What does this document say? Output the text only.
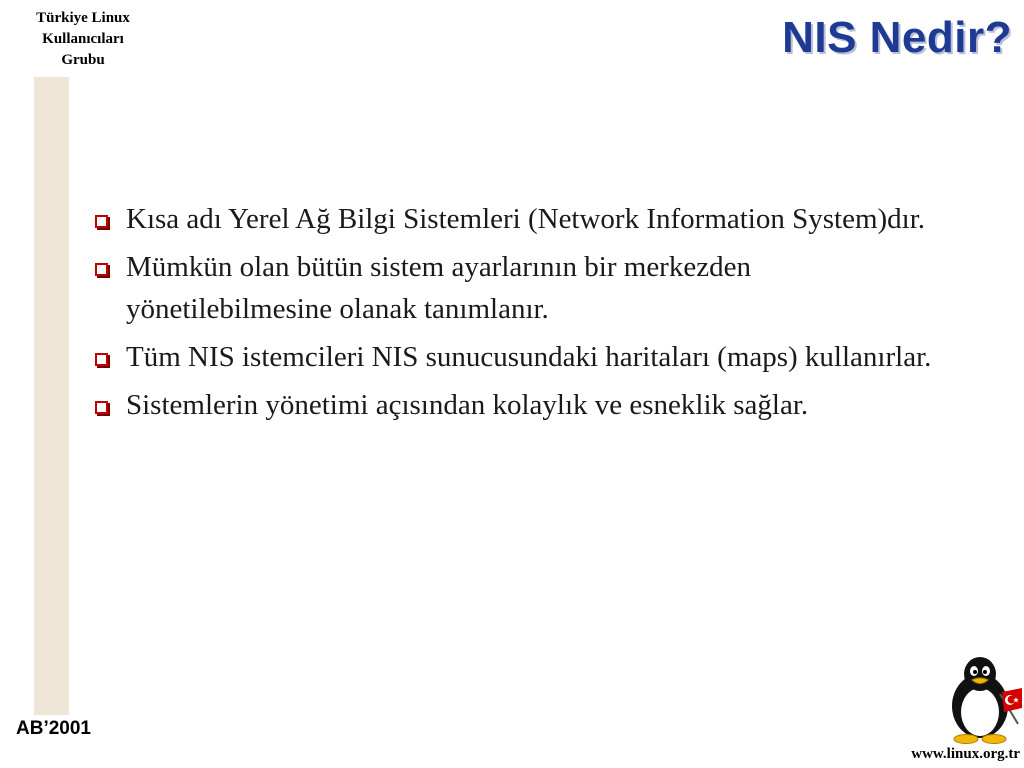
Türkiye Linux
Kullanıcıları
Grubu	NIS Nedir?
Kısa adı Yerel Ağ Bilgi Sistemleri (Network Information System)dır.
Mümkün olan bütün sistem ayarlarının bir merkezden yönetilebilmesine olanak tanımlanır.
Tüm NIS istemcileri NIS sunucusundaki haritaları (maps) kullanırlar.
Sistemlerin yönetimi açısından kolaylık ve esneklik sağlar.
AB’2001
www.linux.org.tr
